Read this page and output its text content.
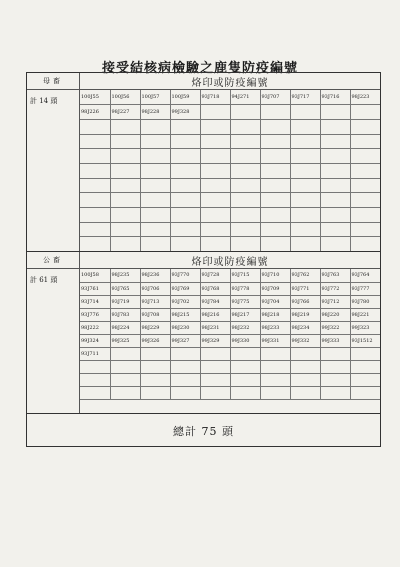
接受結核病檢驗之鹿隻防疫編號
母畜
計 14 頭
烙印或防疫編號
100J55	100J56	100J57	100J59	93J718	94J271	93J707	93J717	93J716	98J223
98J226	98J227	98J228	99J328						

公畜
計 61 頭
烙印或防疫編號
100J58	98J235	98J236	93J770	93J728	93J715	93J710	93J762	93J763	93J764
93J761	93J765	93J706	93J769	93J768	93J778	93J709	93J771	93J772	93J777
93J714	93J719	93J713	93J702	93J784	93J775	93J704	93J766	93J712	93J780
93J776	93J783	93J708	98J215	98J216	98J217	98J218	98J219	98J220	98J221
98J222	98J224	98J229	98J230	98J231	98J232	98J233	98J234	99J322	99J323
99J324	99J325	99J326	99J327	99J329	99J330	99J331	99J332	99J333	93J1512
93J711									

總計 75 頭
